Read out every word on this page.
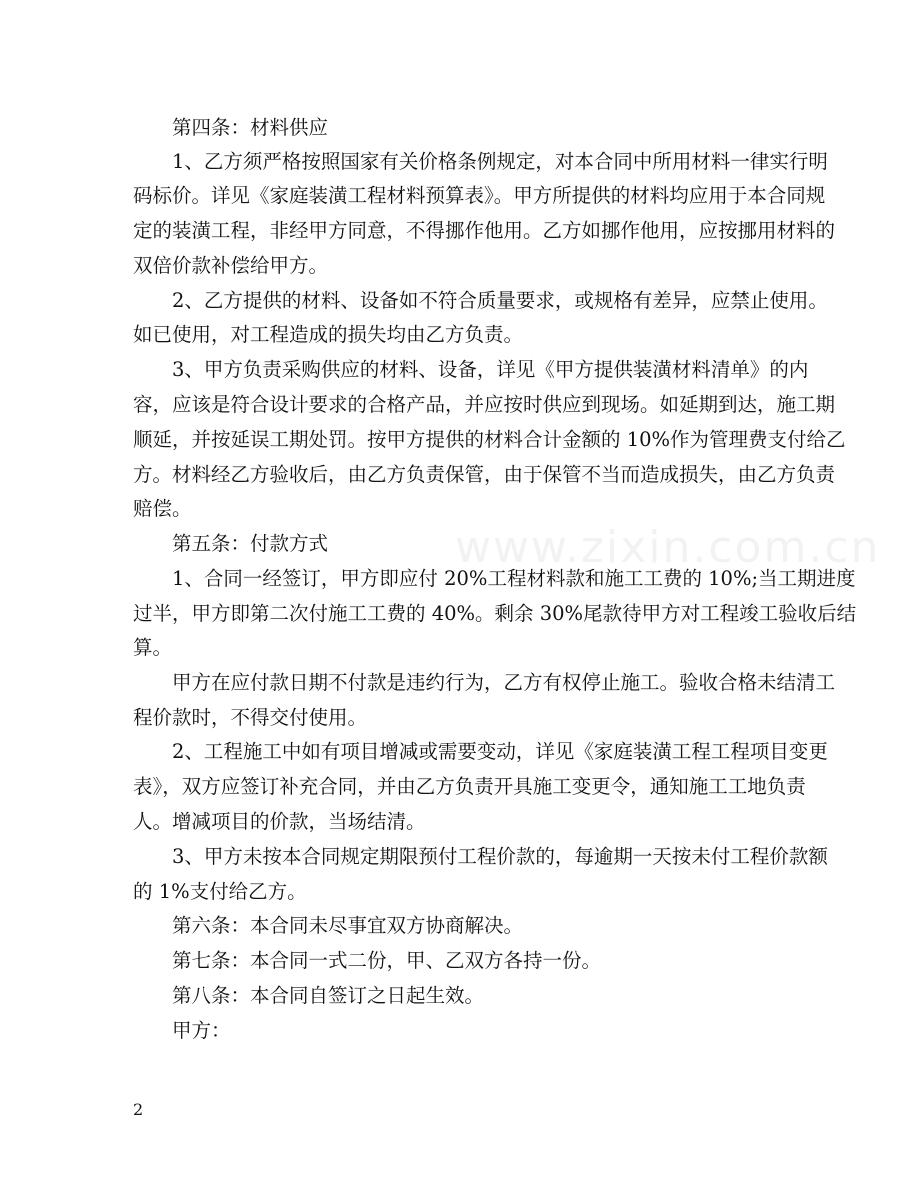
www.zixin.com.cn
第四条：材料供应
1、乙方须严格按照国家有关价格条例规定，对本合同中所用材料一律实行明
码标价。详见《家庭装潢工程材料预算表》。甲方所提供的材料均应用于本合同规
定的装潢工程，非经甲方同意，不得挪作他用。乙方如挪作他用，应按挪用材料的
双倍价款补偿给甲方。
2、乙方提供的材料、设备如不符合质量要求，或规格有差异，应禁止使用。
如已使用，对工程造成的损失均由乙方负责。
3、甲方负责采购供应的材料、设备，详见《甲方提供装潢材料清单》的内
容，应该是符合设计要求的合格产品，并应按时供应到现场。如延期到达，施工期
顺延，并按延误工期处罚。按甲方提供的材料合计金额的 10%作为管理费支付给乙
方。材料经乙方验收后，由乙方负责保管，由于保管不当而造成损失，由乙方负责
赔偿。
第五条：付款方式
1、合同一经签订，甲方即应付 20%工程材料款和施工工费的 10%;当工期进度
过半，甲方即第二次付施工工费的 40%。剩余 30%尾款待甲方对工程竣工验收后结
算。
甲方在应付款日期不付款是违约行为，乙方有权停止施工。验收合格未结清工
程价款时，不得交付使用。
2、工程施工中如有项目增减或需要变动，详见《家庭装潢工程工程项目变更
表》，双方应签订补充合同，并由乙方负责开具施工变更令，通知施工工地负责
人。增减项目的价款，当场结清。
3、甲方未按本合同规定期限预付工程价款的，每逾期一天按未付工程价款额
的 1%支付给乙方。
第六条：本合同未尽事宜双方协商解决。
第七条：本合同一式二份，甲、乙双方各持一份。
第八条：本合同自签订之日起生效。
甲方：
2
